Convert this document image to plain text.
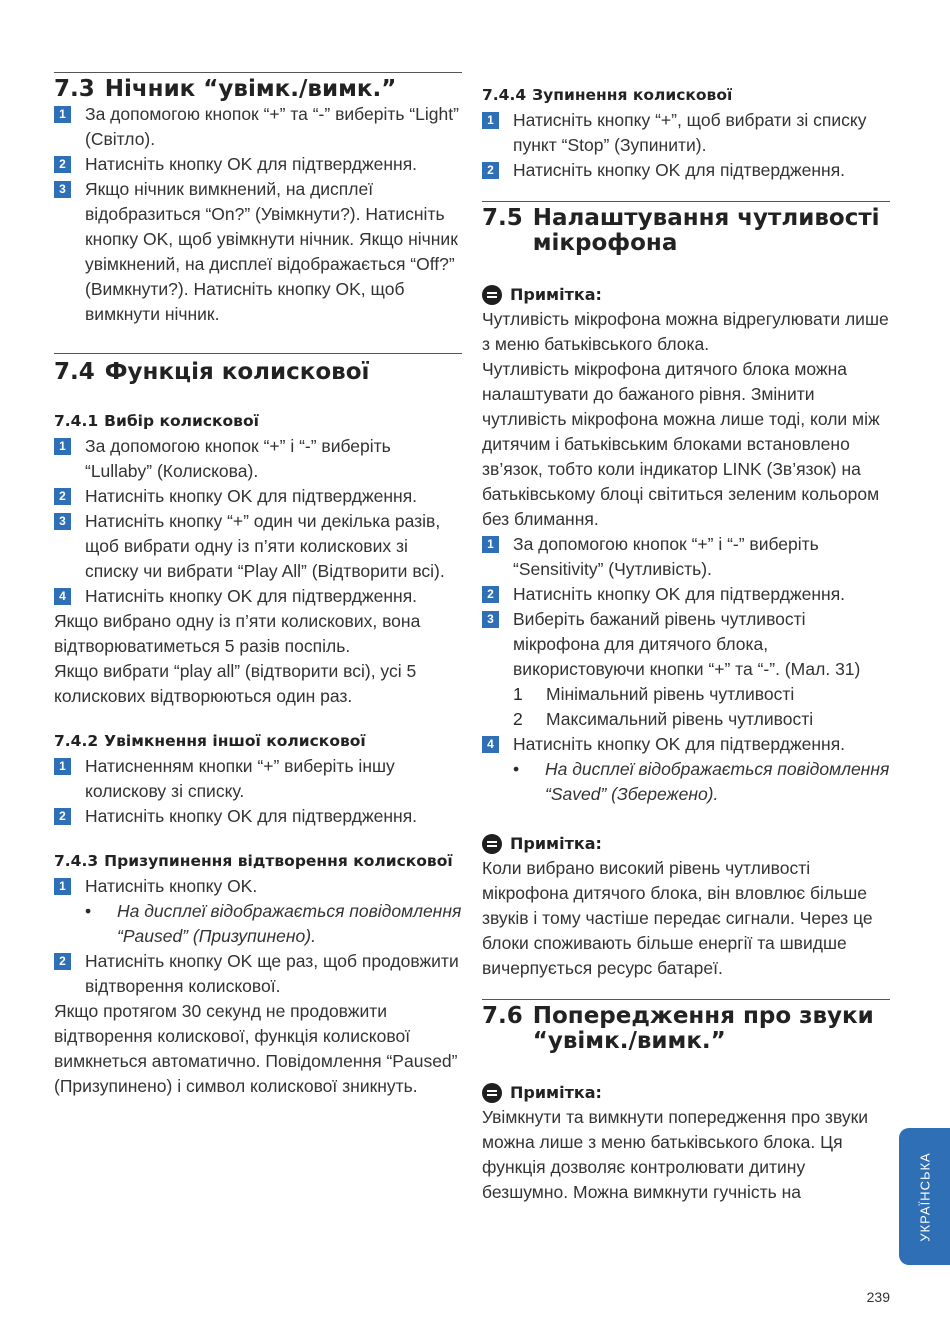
7.3 Нічник “увімк./вимк.”
1 За допомогою кнопок “+” та “-” виберіть “Light” (Світло).

2 Натисніть кнопку OK для підтвердження.

3 Якщо нічник вимкнений, на дисплеї відобразиться “On?” (Увімкнути?). Натисніть кнопку OK, щоб увімкнути нічник. Якщо нічник увімкнений, на дисплеї відображається “Off?” (Вимкнути?). Натисніть кнопку OK, щоб вимкнути нічник.

7.4 Функція колискової
7.4.1 Вибір колискової
1 За допомогою кнопок “+” і “-” виберіть “Lullaby” (Колискова).

2 Натисніть кнопку OK для підтвердження.

3 Натисніть кнопку “+” один чи декілька разів, щоб вибрати одну із п’яти колискових зі списку чи вибрати “Play All” (Відтворити всі).

4 Натисніть кнопку OK для підтвердження.

Якщо вибрано одну із п’яти колискових, вона відтворюватиметься 5 разів поспіль.

Якщо вибрати “play all” (відтворити всі), усі 5 колискових відтворюються один раз.

7.4.2 Увімкнення іншої колискової
1 Натисненням кнопки “+” виберіть іншу колискову зі списку.

2 Натисніть кнопку OK для підтвердження.

7.4.3 Призупинення відтворення колискової
1 Натисніть кнопку OK.

•	На дисплеї відображається повідомлення “Paused” (Призупинено).

2 Натисніть кнопку OK ще раз, щоб продовжити відтворення колискової.

Якщо протягом 30 секунд не продовжити відтворення колискової, функція колискової вимкнеться автоматично. Повідомлення “Paused” (Призупинено) і символ колискової зникнуть.

7.4.4 Зупинення колискової
1 Натисніть кнопку “+”, щоб вибрати зі списку пункт “Stop” (Зупинити).

2 Натисніть кнопку OK для підтвердження.

7.5 Налаштування чутливості мікрофона
Примітка:

Чутливість мікрофона можна відрегулювати лише з меню батьківського блока.

Чутливість мікрофона дитячого блока можна налаштувати до бажаного рівня. Змінити чутливість мікрофона можна лише тоді, коли між дитячим і батьківським блоками встановлено зв’язок, тобто коли індикатор LINK (Зв’язок) на батьківському блоці світиться зеленим кольором без блимання.

1 За допомогою кнопок “+” і “-” виберіть “Sensitivity” (Чутливість).

2 Натисніть кнопку OK для підтвердження.

3 Виберіть бажаний рівень чутливості мікрофона для дитячого блока, використовуючи кнопки “+” та “-”. (Мал. 31)

1	Мінімальний рівень чутливості

2	Максимальний рівень чутливості

4 Натисніть кнопку OK для підтвердження.

•	На дисплеї відображається повідомлення “Saved” (Збережено).

Примітка:

Коли вибрано високий рівень чутливості мікрофона дитячого блока, він вловлює більше звуків і тому частіше передає сигнали. Через це блоки споживають більше енергії та швидше вичерпується ресурс батареї.

7.6 Попередження про звуки “увімк./вимк.”
Примітка:

Увімкнути та вимкнути попередження про звуки можна лише з меню батьківського блока. Ця функція дозволяє контролювати дитину безшумно. Можна вимкнути гучність на	УКРАЇНСЬКА
239
